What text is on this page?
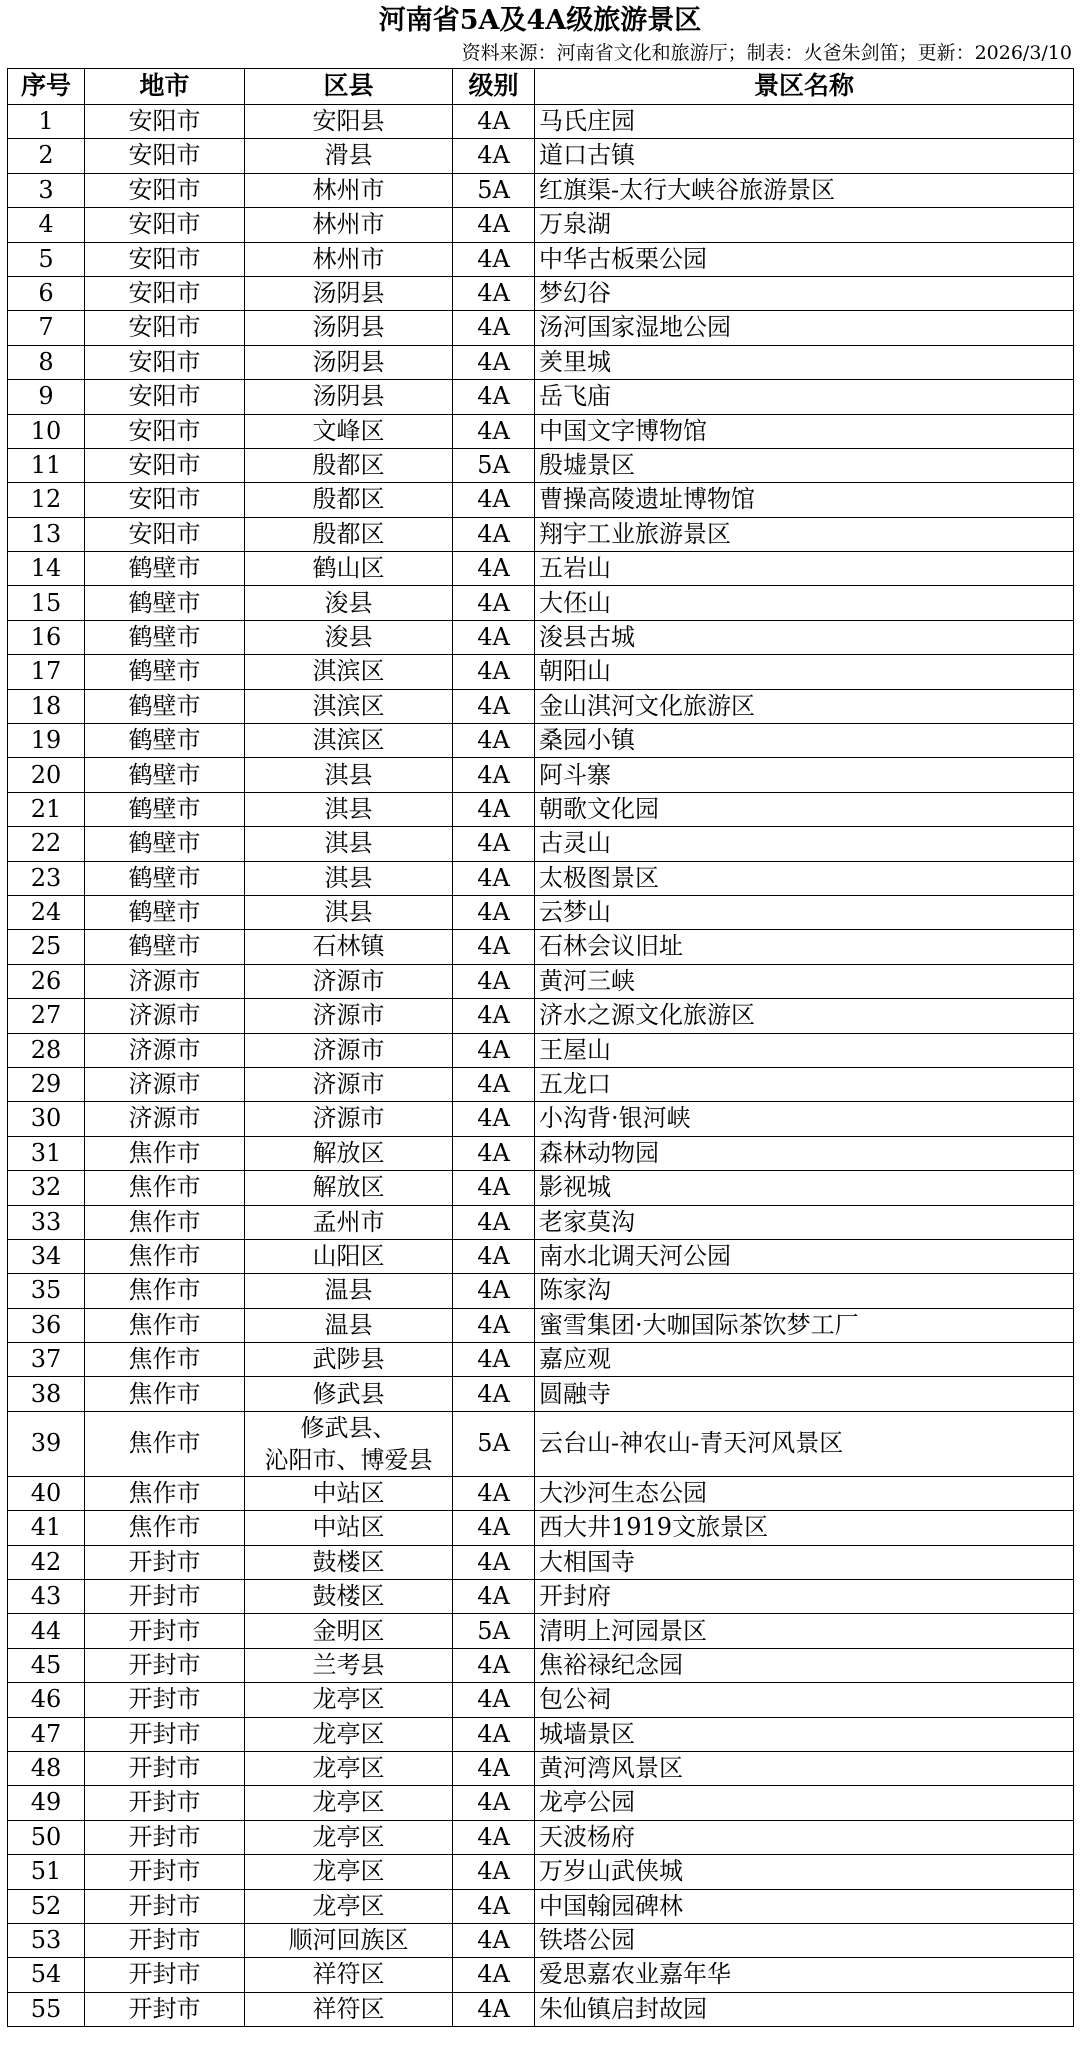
河南省5A及4A级旅游景区
资料来源：河南省文化和旅游厅；制表：火爸朱剑笛；更新：2026/3/10
序号	地市	区县	级别	景区名称
1	安阳市	安阳县	4A	马氏庄园
2	安阳市	滑县	4A	道口古镇
3	安阳市	林州市	5A	红旗渠-太行大峡谷旅游景区
4	安阳市	林州市	4A	万泉湖
5	安阳市	林州市	4A	中华古板栗公园
6	安阳市	汤阴县	4A	梦幻谷
7	安阳市	汤阴县	4A	汤河国家湿地公园
8	安阳市	汤阴县	4A	羑里城
9	安阳市	汤阴县	4A	岳飞庙
10	安阳市	文峰区	4A	中国文字博物馆
11	安阳市	殷都区	5A	殷墟景区
12	安阳市	殷都区	4A	曹操高陵遗址博物馆
13	安阳市	殷都区	4A	翔宇工业旅游景区
14	鹤壁市	鹤山区	4A	五岩山
15	鹤壁市	浚县	4A	大伾山
16	鹤壁市	浚县	4A	浚县古城
17	鹤壁市	淇滨区	4A	朝阳山
18	鹤壁市	淇滨区	4A	金山淇河文化旅游区
19	鹤壁市	淇滨区	4A	桑园小镇
20	鹤壁市	淇县	4A	阿斗寨
21	鹤壁市	淇县	4A	朝歌文化园
22	鹤壁市	淇县	4A	古灵山
23	鹤壁市	淇县	4A	太极图景区
24	鹤壁市	淇县	4A	云梦山
25	鹤壁市	石林镇	4A	石林会议旧址
26	济源市	济源市	4A	黄河三峡
27	济源市	济源市	4A	济水之源文化旅游区
28	济源市	济源市	4A	王屋山
29	济源市	济源市	4A	五龙口
30	济源市	济源市	4A	小沟背·银河峡
31	焦作市	解放区	4A	森林动物园
32	焦作市	解放区	4A	影视城
33	焦作市	孟州市	4A	老家莫沟
34	焦作市	山阳区	4A	南水北调天河公园
35	焦作市	温县	4A	陈家沟
36	焦作市	温县	4A	蜜雪集团·大咖国际茶饮梦工厂
37	焦作市	武陟县	4A	嘉应观
38	焦作市	修武县	4A	圆融寺
39	焦作市	修武县、
沁阳市、博爱县	5A	云台山-神农山-青天河风景区
40	焦作市	中站区	4A	大沙河生态公园
41	焦作市	中站区	4A	西大井1919文旅景区
42	开封市	鼓楼区	4A	大相国寺
43	开封市	鼓楼区	4A	开封府
44	开封市	金明区	5A	清明上河园景区
45	开封市	兰考县	4A	焦裕禄纪念园
46	开封市	龙亭区	4A	包公祠
47	开封市	龙亭区	4A	城墙景区
48	开封市	龙亭区	4A	黄河湾风景区
49	开封市	龙亭区	4A	龙亭公园
50	开封市	龙亭区	4A	天波杨府
51	开封市	龙亭区	4A	万岁山武侠城
52	开封市	龙亭区	4A	中国翰园碑林
53	开封市	顺河回族区	4A	铁塔公园
54	开封市	祥符区	4A	爱思嘉农业嘉年华
55	开封市	祥符区	4A	朱仙镇启封故园
